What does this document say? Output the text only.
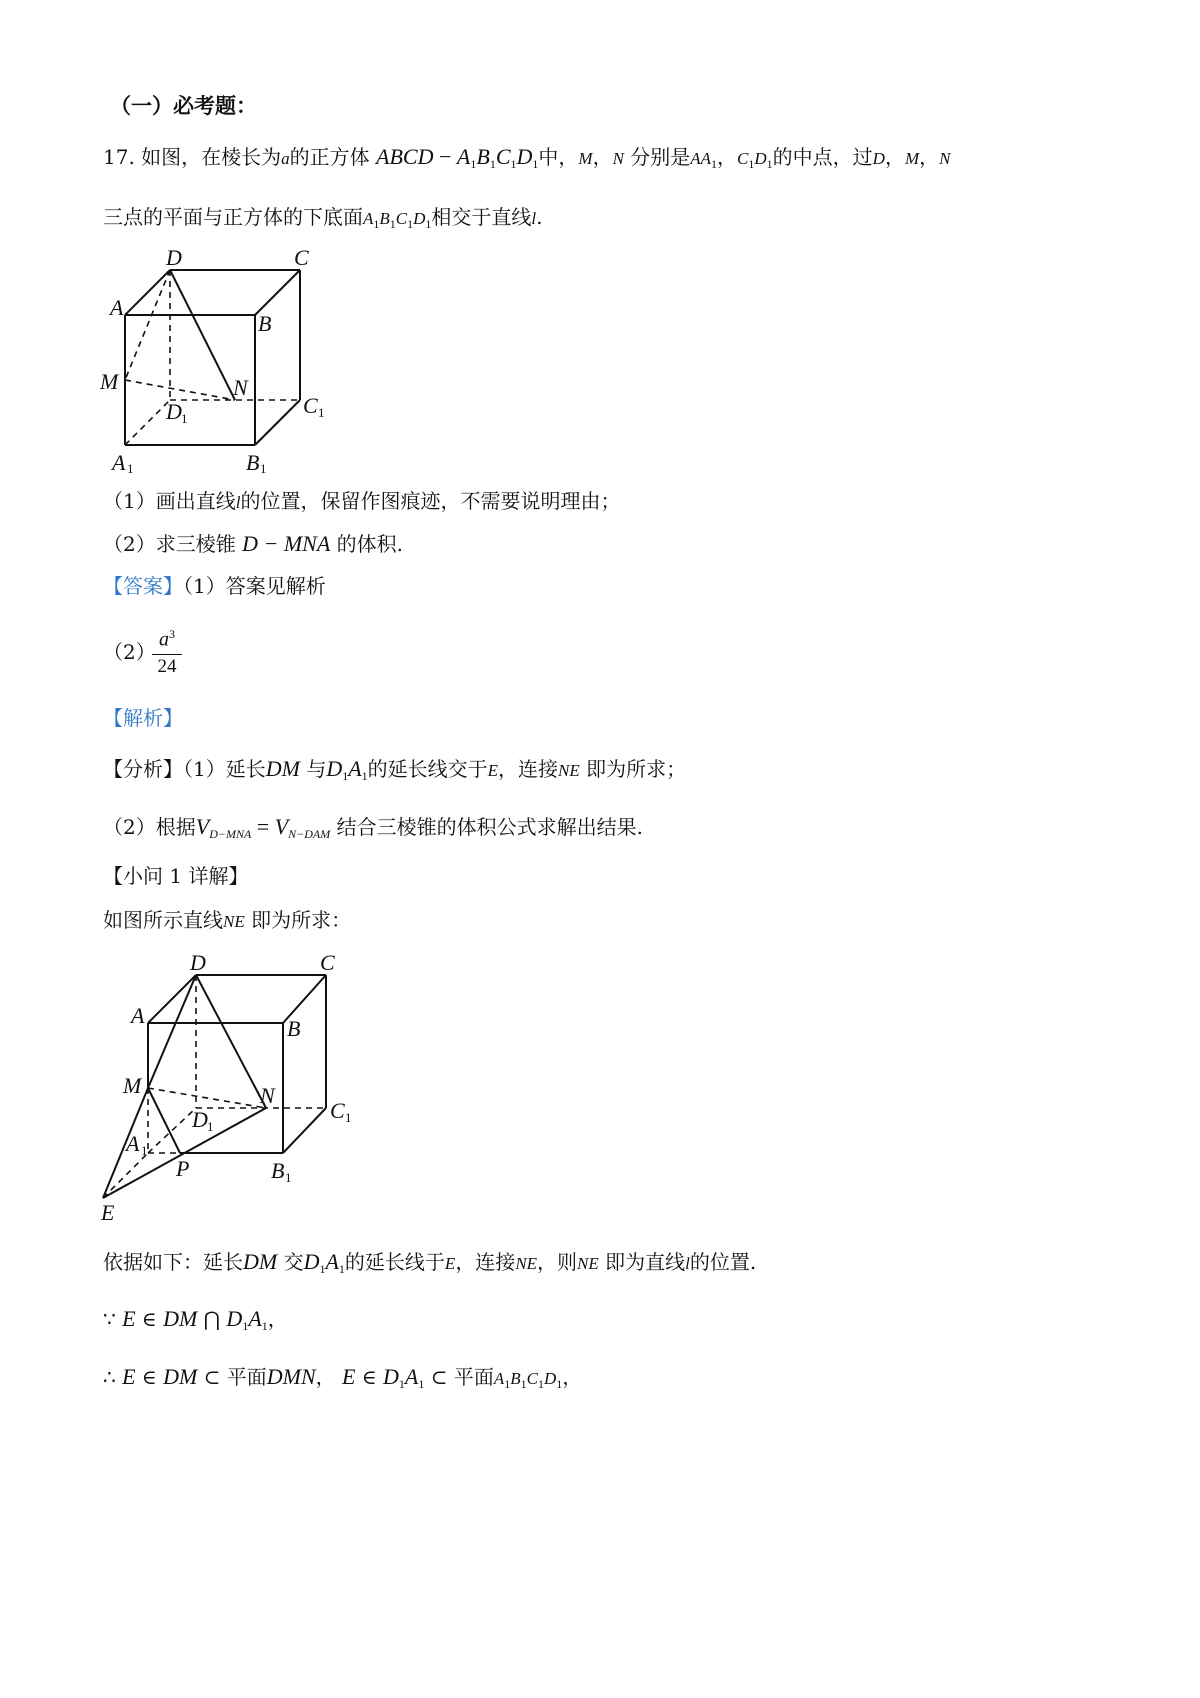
（一）必考题：
17. 如图，在棱长为a的正方体 ABCD − $A_1B_1C_1D_1$中，M，N 分别是$AA_1$，$C_1D_1$的中点，过D，M，N
三点的平面与正方体的下底面$A_1B_1C_1D_1$相交于直线l.
D	C
A
B
M	N
D 1
C 1
A 1	B 1
（1）画出直线l的位置，保留作图痕迹，不需要说明理由；
（2）求三棱锥 D − MNA 的体积.
【答案】（1）答案见解析
（2）
$\frac{a^3}{24}$
【解析】
【分析】（1）延长DM 与$D_1A_1$的延长线交于E，连接NE 即为所求；
（2）根据$V_{D-MNA} = V_{N-DAM}$ 结合三棱锥的体积公式求解出结果.
【小问 1 详解】
如图所示直线NE 即为所求：
D	C
A
B
M	N
D 1
C 1
A 1
P	B 1
E
依据如下：延长DM 交$D_1A_1$的延长线于E，连接NE，则NE 即为直线l的位置.
∵ E ∈ DM ⋂ $D_1A_1$，
∴ E ∈ DM ⊂ 平面DMN， E ∈ $D_1A_1$ ⊂ 平面$A_1B_1C_1D_1$，
